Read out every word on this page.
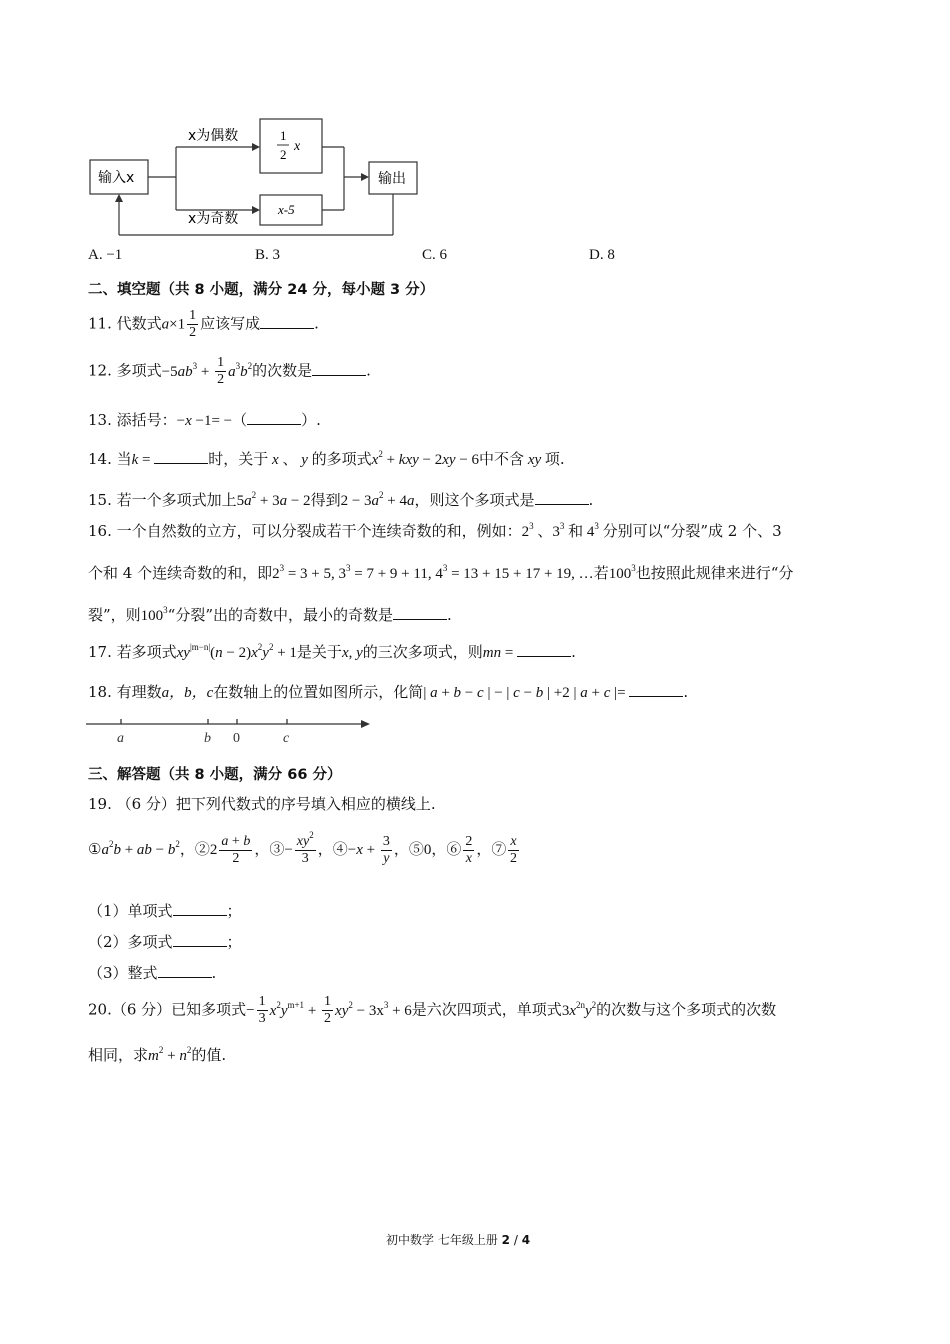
输入x
x为偶数	1
2
x
x为奇数
x-5
输出
A. −1	B. 3	C. 6	D. 8
二、填空题（共 8 小题，满分 24 分，每小题 3 分）
11. 代数式$a\times 1 \frac{1}{2}$ 应该写成	.
12. 多项式$-5ab^3 + \frac{1}{2} a^3b^2$的次数是	.
13. 添括号：−x −1= −（	）.
14. 当k =	时，关于 x 、 y 的多项式$x^2$ + kxy − 2xy − 6中不含 xy 项.
15. 若一个多项式加上$5a^2 + 3a - 2$得到$2 - 3a^2 + 4a$，则这个多项式是	.
16. 一个自然数的立方，可以分裂成若干个连续奇数的和，例如：$2^3$ 、$3^3$ 和 $4^3$ 分别可以“分裂”成 2 个、3
个和 4 个连续奇数的和，即$2^3 = 3 + 5$, $3^3 = 7 + 9 + 11$, $4^3 = 13 + 15 + 17 + 19$, …若$100^3$也按照此规律来进行“分
裂”，则$100^3“$分裂”出的奇数中，最小的奇数是	.
17. 若多项式$xy^{|m-n|}(n - 2)x^2y^2 + 1$是关于x, y的三次多项式，则mn =	.
18. 有理数a，b，c在数轴上的位置如图所示，化简| a + b − c | − | c − b | +2 | a + c |=	.
a	b 0	c
三、解答题（共 8 小题，满分 66 分）
19. （6 分）把下列代数式的序号填入相应的横线上.
$①a^2b$ + ab − $b^2$，②2 $\frac{a + b}{2}$ ，③− $\frac{xy^2}{3}$ ，④−x + $\frac{3}{y}$ ，⑤0，⑥ $\frac{2}{x}$ ，⑦ $\frac{x}{2}$
（1）单项式	；
（2）多项式	；
（3）整式	.
20.（6 分）已知多项式− $\frac{1}{3} x^2y^{m+1} + \frac{1}{2} xy^2 - 3x^3 + 6$是六次四项式，单项式$3x^{2n}y^2$的次数与这个多项式的次数
相同，求$m^2 + n^2$的值.
初中数学 七年级上册 2 / 4
